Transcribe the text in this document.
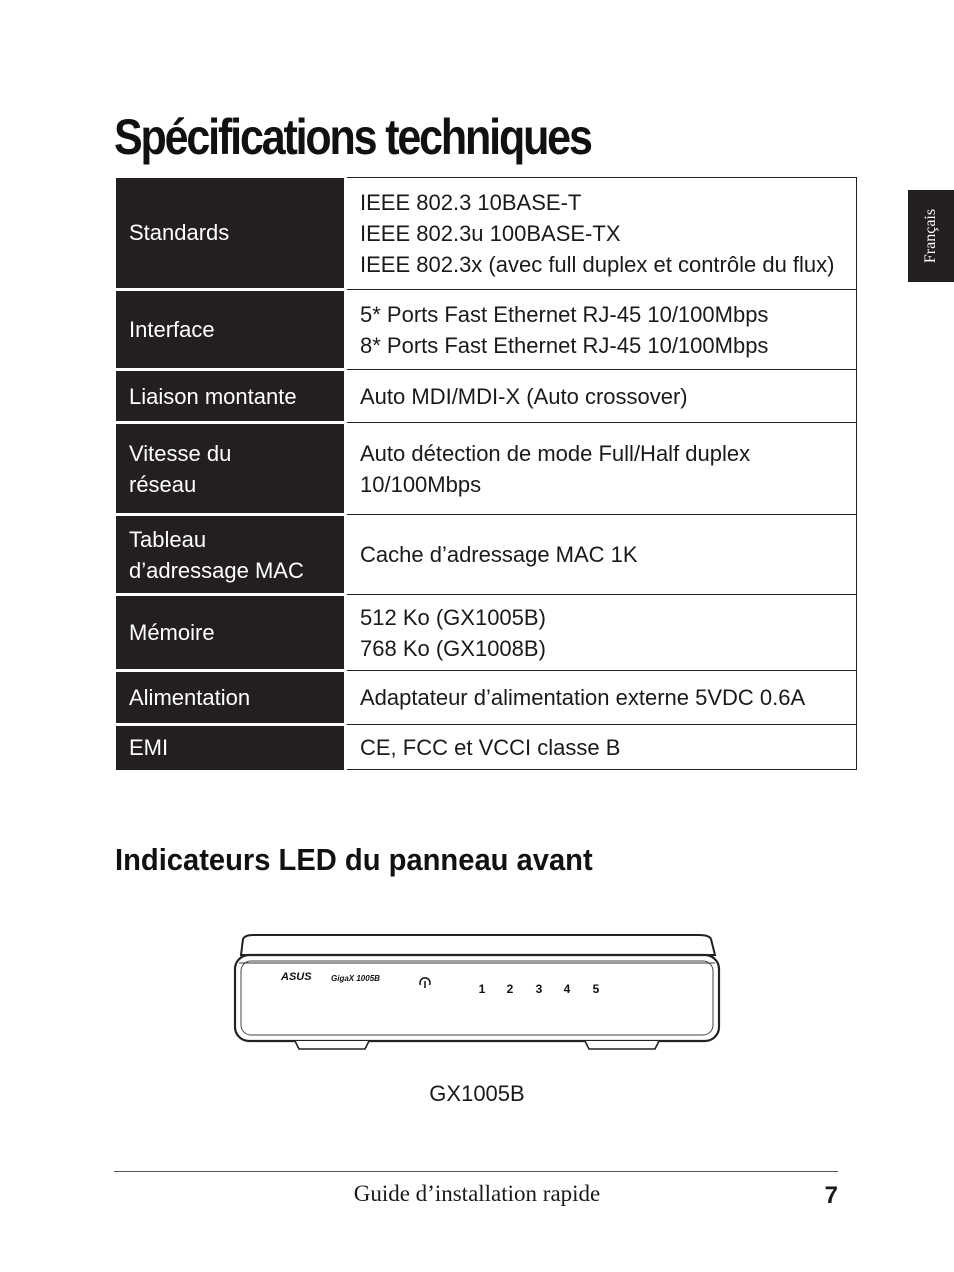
Spécifications techniques
Français
Standards	IEEE 802.3 10BASE-T
IEEE 802.3u 100BASE-TX
IEEE 802.3x (avec full duplex et contrôle du flux)

Interface	5* Ports Fast Ethernet RJ-45 10/100Mbps
8* Ports Fast Ethernet RJ-45 10/100Mbps

Liaison montante	Auto MDI/MDI-X (Auto crossover)

Vitesse du
réseau	Auto détection de mode Full/Half duplex
10/100Mbps

Tableau
d’adressage MAC	Cache d’adressage MAC 1K

Mémoire	512 Ko (GX1005B)
768 Ko (GX1008B)

Alimentation	Adaptateur d’alimentation externe 5VDC 0.6A

EMI	CE, FCC et VCCI classe B
Indicateurs LED du panneau avant
ASUS GigaX 1005B
1 2 3 4 5
GX1005B
Guide d’installation rapide	7
